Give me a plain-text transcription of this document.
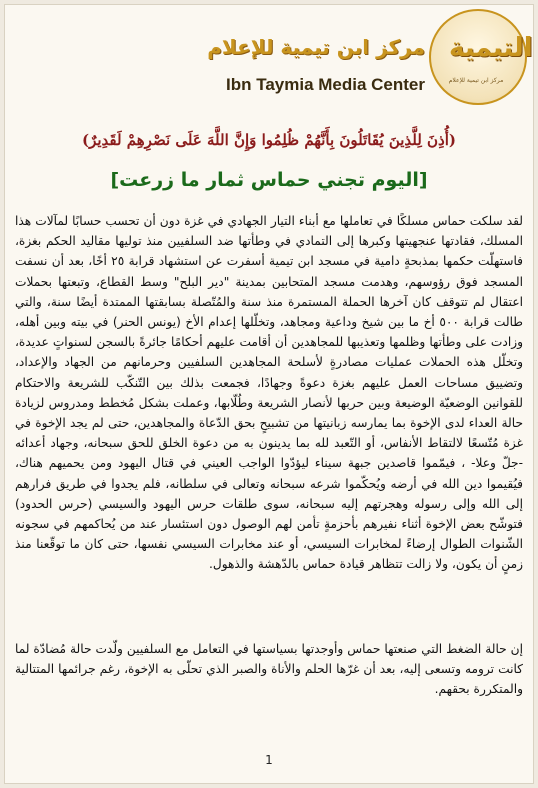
مركز ابن تيمية للإعلام
Ibn Taymia Media Center
التيمية
مركز ابن تيمية للإعلام
(أُذِنَ لِلَّذِينَ يُقَاتَلُونَ بِأَنَّهُمْ ظُلِمُوا وَإِنَّ اللَّهَ عَلَى نَصْرِهِمْ لَقَدِيرٌ)
[اليوم تجني حماس ثمار ما زرعت]
لقد سلكت حماس مسلكًا في تعاملها مع أبناء التيار الجهادي في غزة دون أن تحسب حسابًا لمآلات هذا المسلك، فقادتها عنجهيتها وكبرها إلى التمادي في وطأتها ضد السلفيين منذ توليها مقاليد الحكم بغزة، فاستهلّت حكمها بمذبحةٍ دامية في مسجد ابن تيمية أسفرت عن استشهاد قرابة ٢٥ أخًا، بعد أن نسفت المسجد فوق رؤوسهم، وهدمت مسجد المتحابين بمدينة "دير البلح" وسط القطاع، وتبعتها بحملات اعتقال لم تتوقف كان آخرها الحملة المستمرة منذ سنة والمُتّصلة بسابقتها الممتدة أيضًا سنة، والتي طالت قرابة ٥٠٠ أخ ما بين شيخ وداعية ومجاهد، وتخلّلها إعدام الأخ (يونس الحنر) في بيته وبين أهله، وزادت على وطأتها وظلمها وتعذيبها للمجاهدين أن أقامت عليهم أحكامًا جائرةً بالسجن لسنواتٍ عديدة، وتخلّل هذه الحملات عمليات مصادرةٍ لأسلحة المجاهدين السلفيين وحرمانهم من الجهاد والإعداد، وتضييق مساحات العمل عليهم بغزة دعوةً وجهادًا، فجمعت بذلك بين التّنكّب للشريعة والاحتكام للقوانين الوضعيّة الوضيعة وبين حربها لأنصار الشريعة وطُلّابها، وعملت بشكل مُخطط ومدروس لزيادة حالة العداء لدى الإخوة بما يمارسه زبانيتها من تشبيحٍ بحق الدّعاة والمجاهدين، حتى لم يجد الإخوة في غزة مُتّسعًا لالتقاط الأنفاس، أو التّعبد لله بما يدينون به من دعوة الخلق للحق سبحانه، وجهاد أعدائه -جلّ وعلا- ، فيمّموا قاصدين جبهة سيناء ليؤدّوا الواجب العيني في قتال اليهود ومن يحميهم هناك، فيُقيموا دين الله في أرضه ويُحكّموا شرعه سبحانه وتعالى في سلطانه، فلم يجدوا في طريق فرارهم إلى الله وإلى رسوله وهجرتهم إليه سبحانه، سوى طلقات حرس اليهود والسيسي (حرس الحدود) فتوشّح بعض الإخوة أثناء نفيرهم بأحزمةٍ تأمن لهم الوصول دون استئسار عند من يُحاكمهم في سجونه الشّنوات الطوال إرضاءً لمخابرات السيسي، أو عند مخابرات السيسي نفسها، حتى كان ما توقّعنا منذ زمنٍ أن يكون، ولا زالت تتظاهر قيادة حماس بالدّهشة والذهول.
إن حالة الضغط التي صنعتها حماس وأوجدتها بسياستها في التعامل مع السلفيين ولّدت حالة مُضادّة لما كانت ترومه وتسعى إليه، بعد أن غرّها الحلم والأناة والصبر الذي تحلّى به الإخوة، رغم جرائمها المتتالية والمتكررة بحقهم.
1
